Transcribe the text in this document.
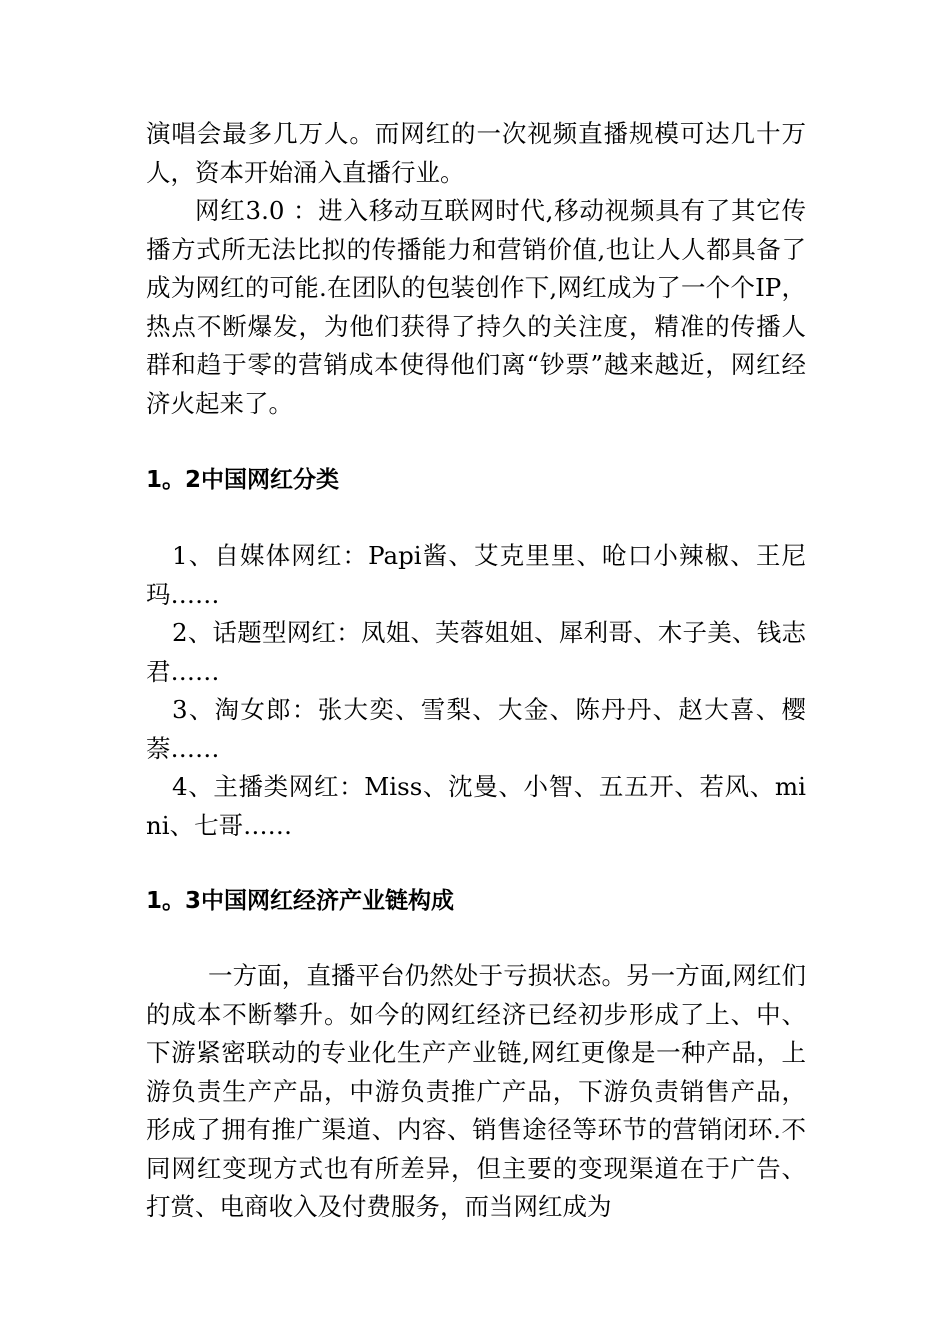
演唱会最多几万人。而网红的一次视频直播规模可达几十万人，资本开始涌入直播行业。

网红3.0 ：进入移动互联网时代,移动视频具有了其它传播方式所无法比拟的传播能力和营销价值,也让人人都具备了成为网红的可能.在团队的包装创作下,网红成为了一个个IP，热点不断爆发，为他们获得了持久的关注度，精准的传播人群和趋于零的营销成本使得他们离“钞票”越来越近，网红经济火起来了。

1。2中国网红分类

1、自媒体网红：Papi酱、艾克里里、呛口小辣椒、王尼玛……

2、话题型网红：凤姐、芙蓉姐姐、犀利哥、木子美、钱志君……

3、淘女郎：张大奕、雪梨、大金、陈丹丹、赵大喜、樱萘……

4、主播类网红：Miss、沈曼、小智、五五开、若风、mini、七哥……

1。3中国网红经济产业链构成

一方面，直播平台仍然处于亏损状态。另一方面,网红们的成本不断攀升。如今的网红经济已经初步形成了上、中、下游紧密联动的专业化生产产业链,网红更像是一种产品，上游负责生产产品，中游负责推广产品，下游负责销售产品，形成了拥有推广渠道、内容、销售途径等环节的营销闭环.不同网红变现方式也有所差异，但主要的变现渠道在于广告、打赏、电商收入及付费服务，而当网红成为
